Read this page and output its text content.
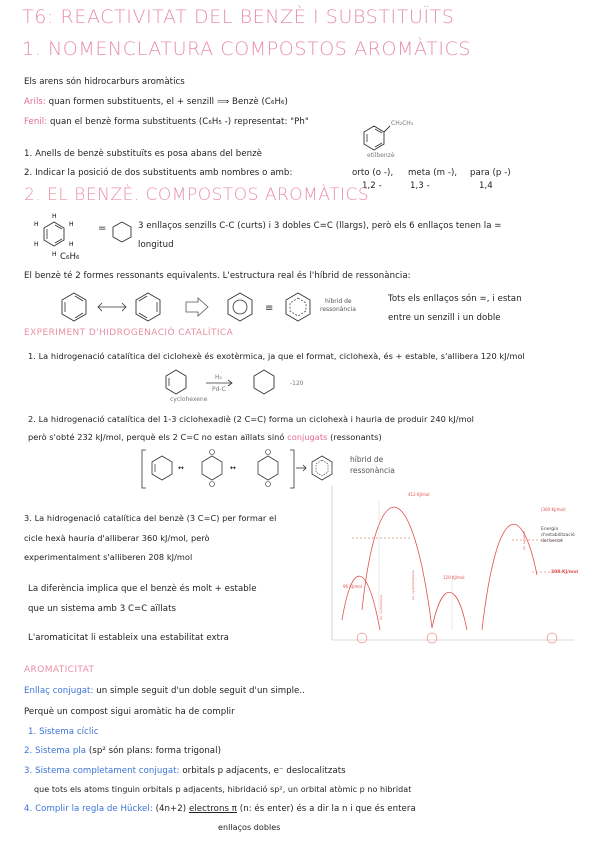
T6: REACTIVITAT DEL BENZÈ I SUBSTITUÏTS
1. NOMENCLATURA COMPOSTOS AROMÀTICS
Els arens són hidrocarburs aromàtics
Arils: quan formen substituents, el + senzill ⟹ Benzè (C₆H₆)
Fenil: quan el benzè forma substituents (C₆H₅ -) representat: "Ph"	CH₂CH₃
etilbenzè
1. Anells de benzè substituïts es posa abans del benzè
2. Indicar la posició de dos substituents amb nombres o amb:	orto (o -), meta (m -), para (p -)
1,2 -	1,3 -	1,4
2. EL BENZÈ. COMPOSTOS AROMÀTICS
H
H
H
H
H
H
C₆H₆
=	3 enllaços senzills C-C (curts) i 3 dobles C=C (llargs), però els 6 enllaços tenen la =
longitud
El benzè té 2 formes ressonants equivalents. L'estructura real és l'híbrid de ressonància:
≡
híbrid de
ressonància
Tots els enllaços són =, i estan
entre un senzill i un doble
EXPERIMENT D'HIDROGENACIÓ CATALÍTICA
1. La hidrogenació catalítica del ciclohexè és exotèrmica, ja que el format, ciclohexà, és + estable, s'allibera 120 kJ/mol
H₂
Pd-C
cyclohexene
-120
2. La hidrogenació catalítica del 1-3 ciclohexadiè (2 C=C) forma un ciclohexà i hauria de produir 240 kJ/mol
però s'obté 232 kJ/mol, perquè els 2 C=C no estan aïllats sinó conjugats (ressonants)
↔	↔
híbrid de
ressonància
3. La hidrogenació catalítica del benzè (3 C=C) per formar el
cicle hexà hauria d'alliberar 360 kJ/mol, però
experimentalment s'alliberen 208 kJ/mol
La diferència implica que el benzè és molt + estable
que un sistema amb 3 C=C aïllats
L'aromaticitat li estableix una estabilitat extra
(b), cyclohexene
(b), cyclohexadiene
(b), benzene
412 KJ/mol
(360 KJ/mol)
Energia
d'estabilització
del benzè
120 KJ/mol
208 KJ/mol
96 KJ/mol
AROMATICITAT
Enllaç conjugat: un simple seguit d'un doble seguit d'un simple..
Perquè un compost sigui aromàtic ha de complir
1. Sistema cíclic
2. Sistema pla (sp² són plans: forma trigonal)
3. Sistema completament conjugat: orbitals p adjacents, e⁻ deslocalitzats
que tots els atoms tinguin orbitals p adjacents, hibridació sp², un orbital atòmic p no hibridat
4. Complir la regla de Hückel: (4n+2) electrons π (n: és enter) és a dir la n i que és entera
enllaços dobles
